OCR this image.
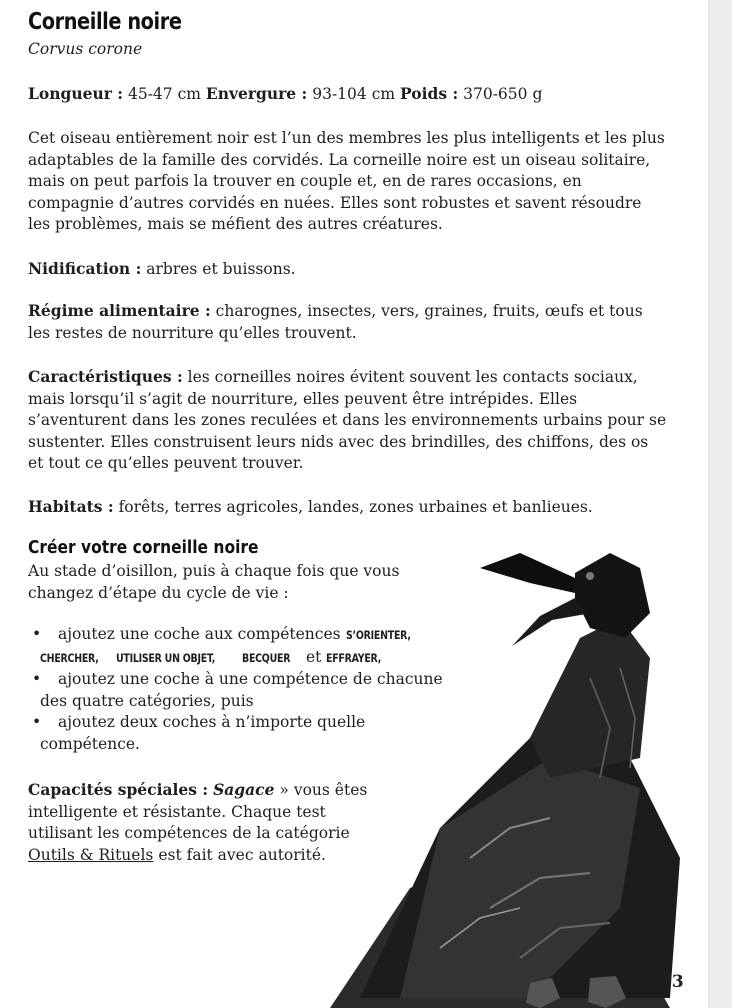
Corneille noire
Corvus corone
Longueur : 45-47 cm Envergure : 93-104 cm Poids : 370-650 g
Cet oiseau entièrement noir est l’un des membres les plus intelligents et les plus adaptables de la famille des corvidés. La corneille noire est un oiseau solitaire, mais on peut parfois la trouver en couple et, en de rares occasions, en compagnie d’autres corvidés en nuées. Elles sont robustes et savent résoudre les problèmes, mais se méfient des autres créatures.
Nidification : arbres et buissons.
Régime alimentaire : charognes, insectes, vers, graines, fruits, œufs et tous les restes de nourriture qu’elles trouvent.
Caractéristiques : les corneilles noires évitent souvent les contacts sociaux, mais lorsqu’il s’agit de nourriture, elles peuvent être intrépides. Elles s’aventurent dans les zones reculées et dans les environnements urbains pour se sustenter. Elles construisent leurs nids avec des brindilles, des chiffons, des os et tout ce qu’elles peuvent trouver.
Habitats : forêts, terres agricoles, landes, zones urbaines et banlieues.
Créer votre corneille noire
Au stade d’oisillon, puis à chaque fois que vous changez d’étape du cycle de vie :
• ajoutez une coche aux compétences S’ORIENTER,
CHERCHER, UTILISER UN OBJET, BECQUER et EFFRAYER,
• ajoutez une coche à une compétence de chacune des quatre catégories, puis
• ajoutez deux coches à n’importe quelle compétence.
Capacités spéciales : Sagace » vous êtes intelligente et résistante. Chaque test utilisant les compétences de la catégorie Outils & Rituels est fait avec autorité.
13
